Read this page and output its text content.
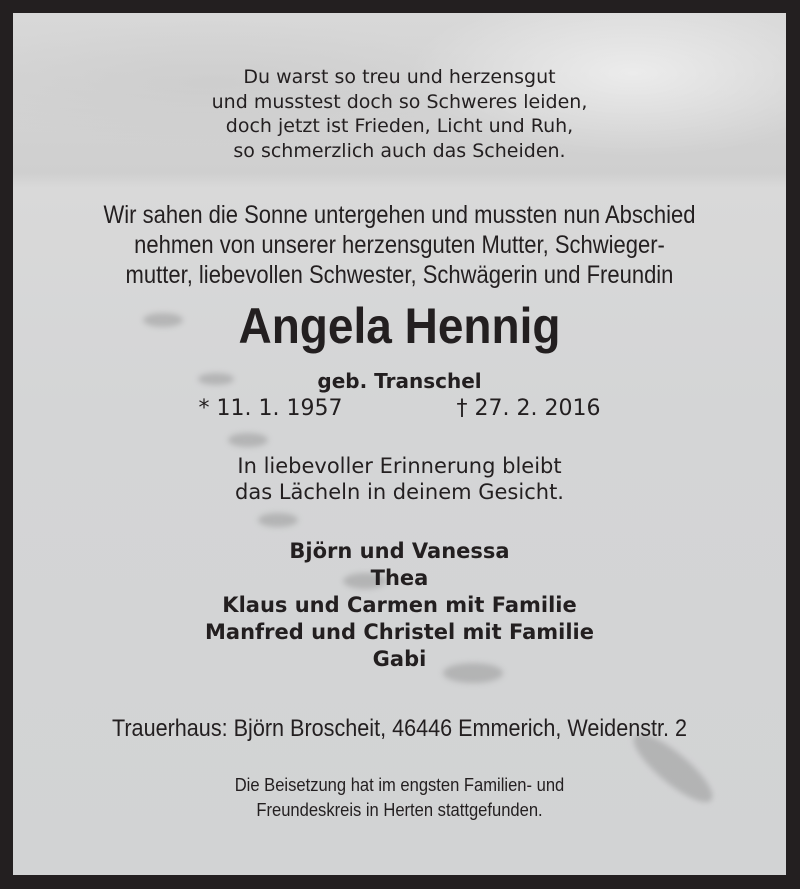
Du warst so treu und herzensgut
und musstest doch so Schweres leiden,
doch jetzt ist Frieden, Licht und Ruh,
so schmerzlich auch das Scheiden.
Wir sahen die Sonne untergehen und mussten nun Abschied
nehmen von unserer herzensguten Mutter, Schwieger-
mutter, liebevollen Schwester, Schwägerin und Freundin
Angela Hennig
geb. Transchel
* 11. 1. 1957	† 27. 2. 2016
In liebevoller Erinnerung bleibt
das Lächeln in deinem Gesicht.
Björn und Vanessa
Thea
Klaus und Carmen mit Familie
Manfred und Christel mit Familie
Gabi
Trauerhaus: Björn Broscheit, 46446 Emmerich, Weidenstr. 2
Die Beisetzung hat im engsten Familien- und
Freundeskreis in Herten stattgefunden.
